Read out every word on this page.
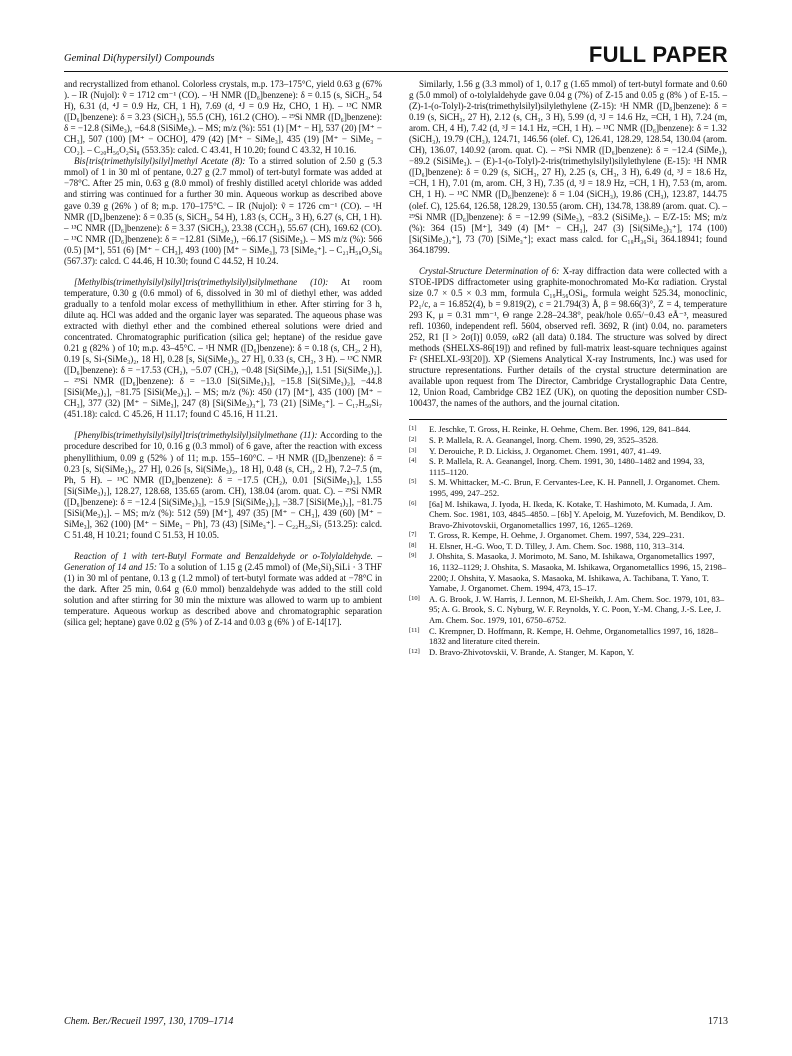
Geminal Di(hypersilyl) Compounds	FULL PAPER

and recrystallized from ethanol. Colorless crystals, m.p. 173–175°C, yield 0.63 g (67% ). – IR (Nujol): ṽ = 1712 cm⁻¹ (CO). – ¹H NMR ([D₆]benzene): δ = 0.15 (s, SiCH₃, 54 H), 6.31 (d, ⁴J = 0.9 Hz, CH, 1 H), 7.69 (d, ⁴J = 0.9 Hz, CHO, 1 H). – ¹³C NMR ([D₆]benzene): δ = 3.23 (SiCH₃), 55.5 (CH), 161.2 (CHO). – ²⁹Si NMR ([D₆]benzene): δ = −12.8 (SiMe₃), −64.8 (SiSiMe₃). – MS; m/z (%): 551 (1) [M⁺ − H], 537 (20) [M⁺ − CH₃], 507 (100) [M⁺ − OCHO], 479 (42) [M⁺ − SiMe₃], 435 (19) [M⁺ − SiMe₃ − CO₂]. – C₂₀H₅₆O₂Si₈ (553.35): calcd. C 43.41, H 10.20; found C 43.32, H 10.16.

Bis[tris(trimethylsilyl)silyl]methyl Acetate (8): To a stirred solution of 2.50 g (5.3 mmol) of 1 in 30 ml of pentane, 0.27 g (2.7 mmol) of tert-butyl formate was added at −78°C. After 25 min, 0.63 g (8.0 mmol) of freshly distilled acetyl chloride was added and stirring was continued for a further 30 min. Aqueous workup as described above gave 0.39 g (26% ) of 8; m.p. 170–175°C. – IR (Nujol): ṽ = 1726 cm⁻¹ (CO). – ¹H NMR ([D₆]benzene): δ = 0.35 (s, SiCH₃, 54 H), 1.83 (s, CCH₃, 3 H), 6.27 (s, CH, 1 H). – ¹³C NMR ([D₆]benzene): δ = 3.37 (SiCH₃), 23.38 (CCH₃), 55.67 (CH), 169.62 (CO). – ¹³C NMR ([D₆]benzene): δ = −12.81 (SiMe₃), −66.17 (SiSiMe₃). – MS m/z (%): 566 (0.5) [M⁺], 551 (6) [M⁺ − CH₃], 493 (100) [M⁺ − SiMe₃], 73 [SiMe₃⁺]. – C₂₁H₅₈O₂Si₈ (567.37): calcd. C 44.46, H 10.30; found C 44.52, H 10.24.

[Methylbis(trimethylsilyl)silyl]tris(trimethylsilyl)silylmethane (10): At room temperature, 0.30 g (0.6 mmol) of 6, dissolved in 30 ml of diethyl ether, was added gradually to a tenfold molar excess of methyllithium in ether. After stirring for 3 h, dilute aq. HCl was added and the organic layer was separated. The aqueous phase was extracted with diethyl ether and the combined ethereal solutions were dried and concentrated. Chromatographic purification (silica gel; heptane) of the residue gave 0.21 g (82% ) of 10; m.p. 43–45°C. – ¹H NMR ([D₆]benzene): δ = 0.18 (s, CH₂, 2 H), 0.19 [s, Si-(SiMe₃)₂, 18 H], 0.28 [s, Si(SiMe₃)₃, 27 H], 0.33 (s, CH₃, 3 H). – ¹³C NMR ([D₆]benzene): δ = −17.53 (CH₂), −5.07 (CH₃), −0.48 [Si(SiMe₃)₃], 1.51 [Si(SiMe₃)₂]. – ²⁹Si NMR ([D₆]benzene): δ = −13.0 [Si(SiMe₃)₃], −15.8 [Si(SiMe₃)₂], −44.8 [SiSi(Me₃)₂], −81.75 [SiSi(Me₃)₃]. – MS; m/z (%): 450 (17) [M⁺], 435 (100) [M⁺ − CH₃], 377 (32) [M⁺ − SiMe₃], 247 (8) [Si(SiMe₃)₃⁺], 73 (21) [SiMe₃⁺]. – C₁₇H₅₀Si₇ (451.18): calcd. C 45.26, H 11.17; found C 45.16, H 11.21.

[Phenylbis(trimethylsilyl)silyl]tris(trimethylsilyl)silylmethane (11): According to the procedure described for 10, 0.16 g (0.3 mmol) of 6 gave, after the reaction with excess phenyllithium, 0.09 g (52% ) of 11; m.p. 155–160°C. – ¹H NMR ([D₆]benzene): δ = 0.23 [s, Si(SiMe₃)₃, 27 H], 0.26 [s, Si(SiMe₃)₂, 18 H], 0.48 (s, CH₂, 2 H), 7.2–7.5 (m, Ph, 5 H). – ¹³C NMR ([D₆]benzene): δ = −17.5 (CH₂), 0.01 [Si(SiMe₃)₃], 1.55 [Si(SiMe₃)₂], 128.27, 128.68, 135.65 (arom. CH), 138.04 (arom. quat. C). – ²⁹Si NMR ([D₆]benzene): δ = −12.4 [Si(SiMe₃)₃], −15.9 [Si(SiMe₃)₂], −38.7 [SiSi(Me₃)₂], −81.75 [SiSi(Me₃)₃]. – MS; m/z (%): 512 (59) [M⁺], 497 (35) [M⁺ − CH₃], 439 (60) [M⁺ − SiMe₃], 362 (100) [M⁺ − SiMe₃ − Ph], 73 (43) [SiMe₃⁺]. – C₂₂H₅₂Si₇ (513.25): calcd. C 51.48, H 10.21; found C 51.53, H 10.05.

Reaction of 1 with tert-Butyl Formate and Benzaldehyde or o-Tolylaldehyde. – Generation of 14 and 15: To a solution of 1.15 g (2.45 mmol) of (Me₃Si)₃SiLi · 3 THF (1) in 30 ml of pentane, 0.13 g (1.2 mmol) of tert-butyl formate was added at −78°C in the dark. After 25 min, 0.64 g (6.0 mmol) benzaldehyde was added to the still cold solution and after stirring for 30 min the mixture was allowed to warm up to ambient temperature. Aqueous workup as described above and chromatographic separation (silica gel; heptane) gave 0.02 g (5% ) of Z-14 and 0.03 g (6% ) of E-14[17].

Similarly, 1.56 g (3.3 mmol) of 1, 0.17 g (1.65 mmol) of tert-butyl formate and 0.60 g (5.0 mmol) of o-tolylaldehyde gave 0.04 g (7%) of Z-15 and 0.05 g (8% ) of E-15. – (Z)-1-(o-Tolyl)-2-tris(trimethylsilyl)silylethylene (Z-15): ¹H NMR ([D₆]benzene): δ = 0.19 (s, SiCH₃, 27 H), 2.12 (s, CH₃, 3 H), 5.99 (d, ³J = 14.6 Hz, =CH, 1 H), 7.24 (m, arom. CH, 4 H), 7.42 (d, ³J = 14.1 Hz, =CH, 1 H). – ¹³C NMR ([D₆]benzene): δ = 1.32 (SiCH₃), 19.79 (CH₃), 124.71, 146.56 (olef. C), 126.41, 128.29, 128.54, 130.04 (arom. CH), 136.07, 140.92 (arom. quat. C). – ²⁹Si NMR ([D₆]benzene): δ = −12.4 (SiMe₃), −89.2 (SiSiMe₃). – (E)-1-(o-Tolyl)-2-tris(trimethylsilyl)silylethylene (E-15): ¹H NMR ([D₆]benzene): δ = 0.29 (s, SiCH₃, 27 H), 2.25 (s, CH₃, 3 H), 6.49 (d, ³J = 18.6 Hz, =CH, 1 H), 7.01 (m, arom. CH, 3 H), 7.35 (d, ³J = 18.9 Hz, =CH, 1 H), 7.53 (m, arom. CH, 1 H). – ¹³C NMR ([D₆]benzene): δ = 1.04 (SiCH₃), 19.86 (CH₃), 123.87, 144.75 (olef. C), 125.64, 126.58, 128.29, 130.55 (arom. CH), 134.78, 138.89 (arom. quat. C). – ²⁹Si NMR ([D₆]benzene): δ = −12.99 (SiMe₃), −83.2 (SiSiMe₃). – E/Z-15: MS; m/z (%): 364 (15) [M⁺], 349 (4) [M⁺ − CH₃], 247 (3) [Si(SiMe₃)₃⁺], 174 (100) [Si(SiMe₃)₂⁺], 73 (70) [SiMe₃⁺]; exact mass calcd. for C₁₈H₃₆Si₄ 364.18941; found 364.18799.

Crystal-Structure Determination of 6: X-ray diffraction data were collected with a STOE-IPDS diffractometer using graphite-monochromated Mo-Kα radiation. Crystal size 0.7 × 0.5 × 0.3 mm, formula C₁₉H₅₆OSi₈, formula weight 525.34, monoclinic, P2₁/c, a = 16.852(4), b = 9.819(2), c = 21.794(3) Å, β = 98.66(3)°, Z = 4, temperature 293 K, μ = 0.31 mm⁻¹, Θ range 2.28–24.38°, peak/hole 0.65/−0.43 eÅ⁻³, measured refl. 10360, independent refl. 5604, observed refl. 3692, R (int) 0.04, no. parameters 252, R1 [I > 2σ(I)] 0.059, ωR2 (all data) 0.184. The structure was solved by direct methods (SHELXS-86[19]) and refined by full-matrix least-square techniques against F² (SHELXL-93[20]). XP (Siemens Analytical X-ray Instruments, Inc.) was used for structure representations. Further details of the crystal structure determination are available upon request from The Director, Cambridge Crystallographic Data Centre, 12, Union Road, Cambridge CB2 1EZ (UK), on quoting the deposition number CSD-100437, the names of the authors, and the journal citation.

[1]	E. Jeschke, T. Gross, H. Reinke, H. Oehme, Chem. Ber. 1996, 129, 841–844.
[2]	S. P. Mallela, R. A. Geanangel, Inorg. Chem. 1990, 29, 3525–3528.
[3]	Y. Derouiche, P. D. Lickiss, J. Organomet. Chem. 1991, 407, 41–49.
[4]	S. P. Mallela, R. A. Geanangel, Inorg. Chem. 1991, 30, 1480–1482 and 1994, 33, 1115–1120.
[5]	S. M. Whittacker, M.-C. Brun, F. Cervantes-Lee, K. H. Pannell, J. Organomet. Chem. 1995, 499, 247–252.
[6]	[6a] M. Ishikawa, J. Iyoda, H. Ikeda, K. Kotake, T. Hashimoto, M. Kumada, J. Am. Chem. Soc. 1981, 103, 4845–4850. – [6b] Y. Apeloig, M. Yuzefovich, M. Bendikov, D. Bravo-Zhivotovskii, Organometallics 1997, 16, 1265–1269.
[7]	T. Gross, R. Kempe, H. Oehme, J. Organomet. Chem. 1997, 534, 229–231.
[8]	H. Elsner, H.-G. Woo, T. D. Tilley, J. Am. Chem. Soc. 1988, 110, 313–314.
[9]	J. Ohshita, S. Masaoka, J. Morimoto, M. Sano, M. Ishikawa, Organometallics 1997, 16, 1132–1129; J. Ohshita, S. Masaoka, M. Ishikawa, Organometallics 1996, 15, 2198–2200; J. Ohshita, Y. Masaoka, S. Masaoka, M. Ishikawa, A. Tachibana, T. Yano, T. Yamabe, J. Organomet. Chem. 1994, 473, 15–17.
[10]	A. G. Brook, J. W. Harris, J. Lennon, M. El-Sheikh, J. Am. Chem. Soc. 1979, 101, 83–95; A. G. Brook, S. C. Nyburg, W. F. Reynolds, Y. C. Poon, Y.-M. Chang, J.-S. Lee, J. Am. Chem. Soc. 1979, 101, 6750–6752.
[11]	C. Krempner, D. Hoffmann, R. Kempe, H. Oehme, Organometallics 1997, 16, 1828–1832 and literature cited therein.
[12]	D. Bravo-Zhivotovskii, V. Brande, A. Stanger, M. Kapon, Y.
Chem. Ber./Recueil 1997, 130, 1709–1714	1713
